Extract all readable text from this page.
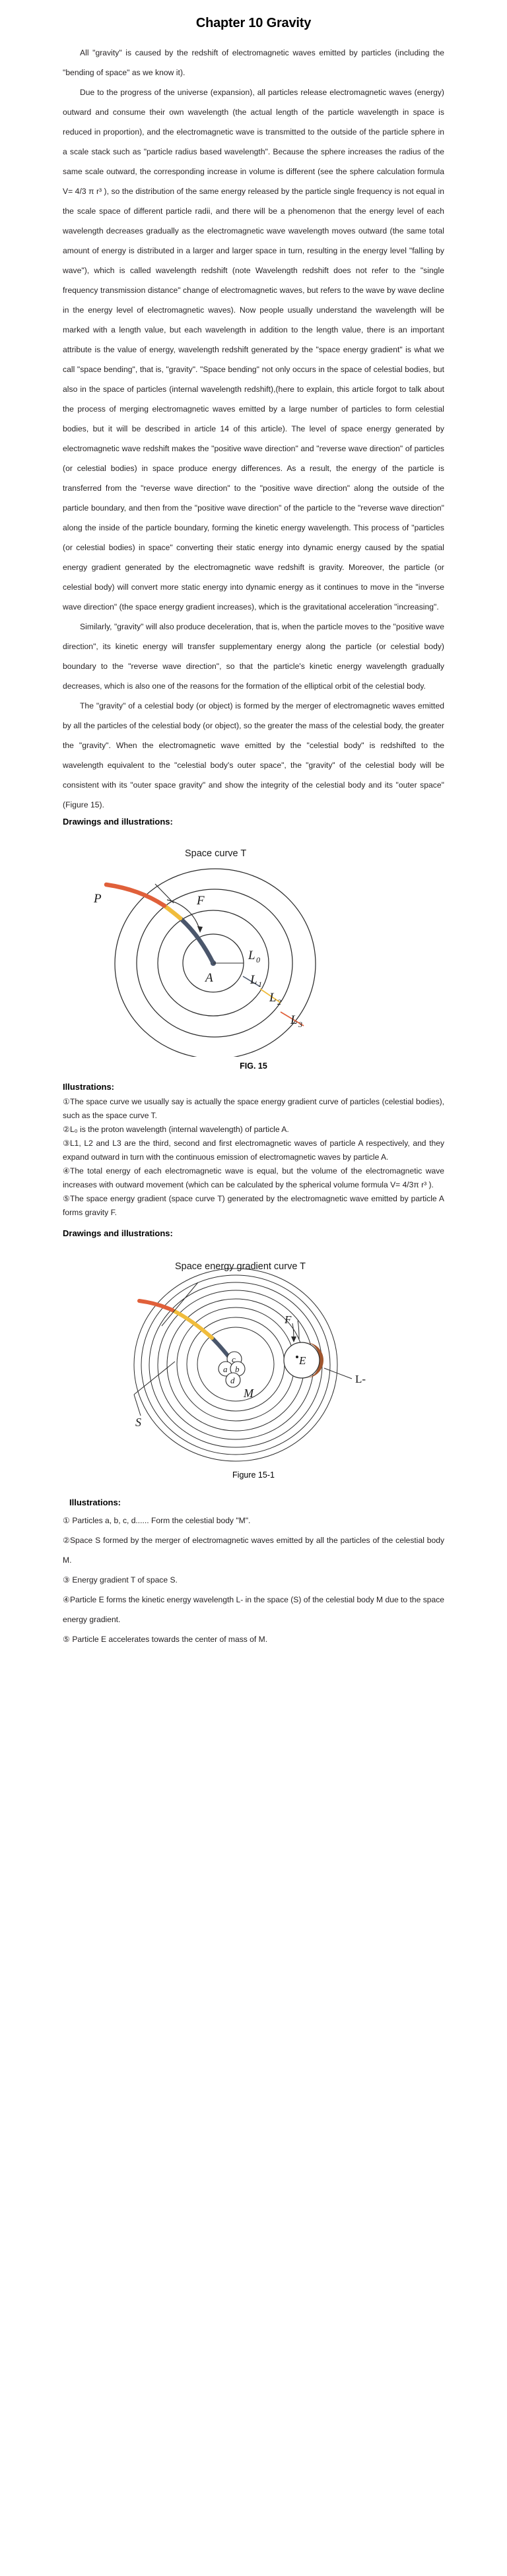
Chapter 10 Gravity

All "gravity" is caused by the redshift of electromagnetic waves emitted by particles (including the "bending of space" as we know it).

Due to the progress of the universe (expansion), all particles release electromagnetic waves (energy) outward and consume their own wavelength (the actual length of the particle wavelength in space is reduced in proportion), and the electromagnetic wave is transmitted to the outside of the particle sphere in a scale stack such as "particle radius based wavelength". Because the sphere increases the radius of the same scale outward, the corresponding increase in volume is different (see the sphere calculation formula V= 4/3 π r³ ), so the distribution of the same energy released by the particle single frequency is not equal in the scale space of different particle radii, and there will be a phenomenon that the energy level of each wavelength decreases gradually as the electromagnetic wave wavelength moves outward (the same total amount of energy is distributed in a larger and larger space in turn, resulting in the energy level "falling by wave"), which is called wavelength redshift (note Wavelength redshift does not refer to the "single frequency transmission distance" change of electromagnetic waves, but refers to the wave by wave decline in the energy level of electromagnetic waves). Now people usually understand the wavelength will be marked with a length value, but each wavelength in addition to the length value, there is an important attribute is the value of energy, wavelength redshift generated by the "space energy gradient" is what we call "space bending", that is, "gravity". "Space bending" not only occurs in the space of celestial bodies, but also in the space of particles (internal wavelength redshift),(here to explain, this article forgot to talk about the process of merging electromagnetic waves emitted by a large number of particles to form celestial bodies, but it will be described in article 14 of this article). The level of space energy generated by electromagnetic wave redshift makes the "positive wave direction" and "reverse wave direction" of particles (or celestial bodies) in space produce energy differences. As a result, the energy of the particle is transferred from the "reverse wave direction" to the "positive wave direction" along the outside of the particle boundary, and then from the "positive wave direction" of the particle to the "reverse wave direction" along the inside of the particle boundary, forming the kinetic energy wavelength. This process of "particles (or celestial bodies) in space" converting their static energy into dynamic energy caused by the spatial energy gradient generated by the electromagnetic wave redshift is gravity. Moreover, the particle (or celestial body) will convert more static energy into dynamic energy as it continues to move in the "inverse wave direction" (the space energy gradient increases), which is the gravitational acceleration "increasing".

Similarly, "gravity" will also produce deceleration, that is, when the particle moves to the "positive wave direction", its kinetic energy will transfer supplementary energy along the particle (or celestial body) boundary to the "reverse wave direction", so that the particle's kinetic energy wavelength gradually decreases, which is also one of the reasons for the formation of the elliptical orbit of the celestial body.

The "gravity" of a celestial body (or object) is formed by the merger of electromagnetic waves emitted by all the particles of the celestial body (or object), so the greater the mass of the celestial body, the greater the "gravity". When the electromagnetic wave emitted by the "celestial body" is redshifted to the wavelength equivalent to the "celestial body's outer space", the "gravity" of the celestial body will be consistent with its "outer space gravity" and show the integrity of the celestial body and its "outer space" (Figure 15).

Drawings and illustrations:
Space curve T
P	F
A
L 0
L 1
L 2
L 3
FIG. 15
Illustrations:
①The space curve we usually say is actually the space energy gradient curve of particles (celestial bodies), such as the space curve T.
②L₀ is the proton wavelength (internal wavelength) of particle A.
③L1, L2 and L3 are the third, second and first electromagnetic waves of particle A respectively, and they expand outward in turn with the continuous emission of electromagnetic waves by particle A.
④The total energy of each electromagnetic wave is equal, but the volume of the electromagnetic wave increases with outward movement (which can be calculated by the spherical volume formula V= 4/3π r³ ).
⑤The space energy gradient (space curve T) generated by the electromagnetic wave emitted by particle A forms gravity F.
Drawings and illustrations:
Space energy gradient curve T
c
a b
d
E
F
L-
M
S
Figure 15-1
Illustrations:
① Particles a, b, c, d...... Form the celestial body "M".
②Space S formed by the merger of electromagnetic waves emitted by all the particles of the celestial body M.
③ Energy gradient T of space S.
④Particle E forms the kinetic energy wavelength L- in the space (S) of the celestial body M due to the space energy gradient.
⑤ Particle E accelerates towards the center of mass of M.
